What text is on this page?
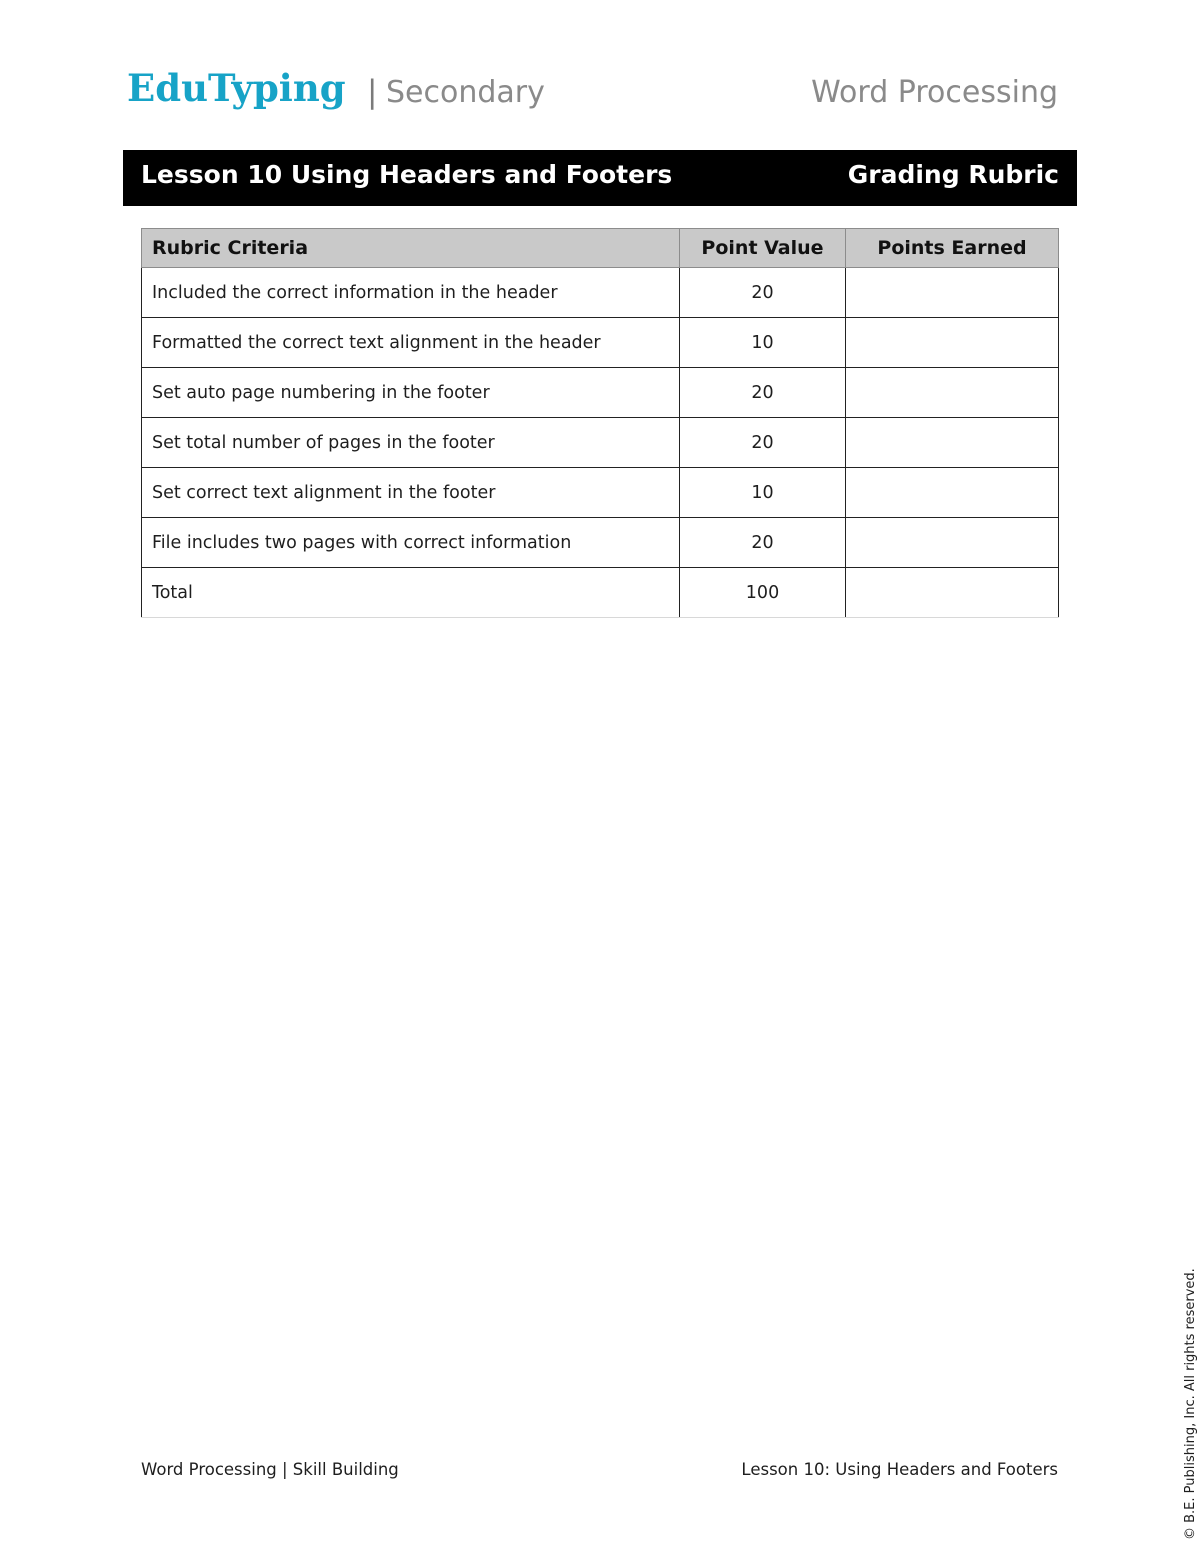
EduTyping | Secondary	Word Processing
Lesson 10 Using Headers and Footers	Grading Rubric
Rubric Criteria	Point Value	Points Earned
Included the correct information in the header	20	
Formatted the correct text alignment in the header	10	
Set auto page numbering in the footer	20	
Set total number of pages in the footer	20	
Set correct text alignment in the footer	10	
File includes two pages with correct information	20	
Total	100	
Word Processing | Skill Building	Lesson 10: Using Headers and Footers	© B.E. Publishing, Inc. All rights reserved.
